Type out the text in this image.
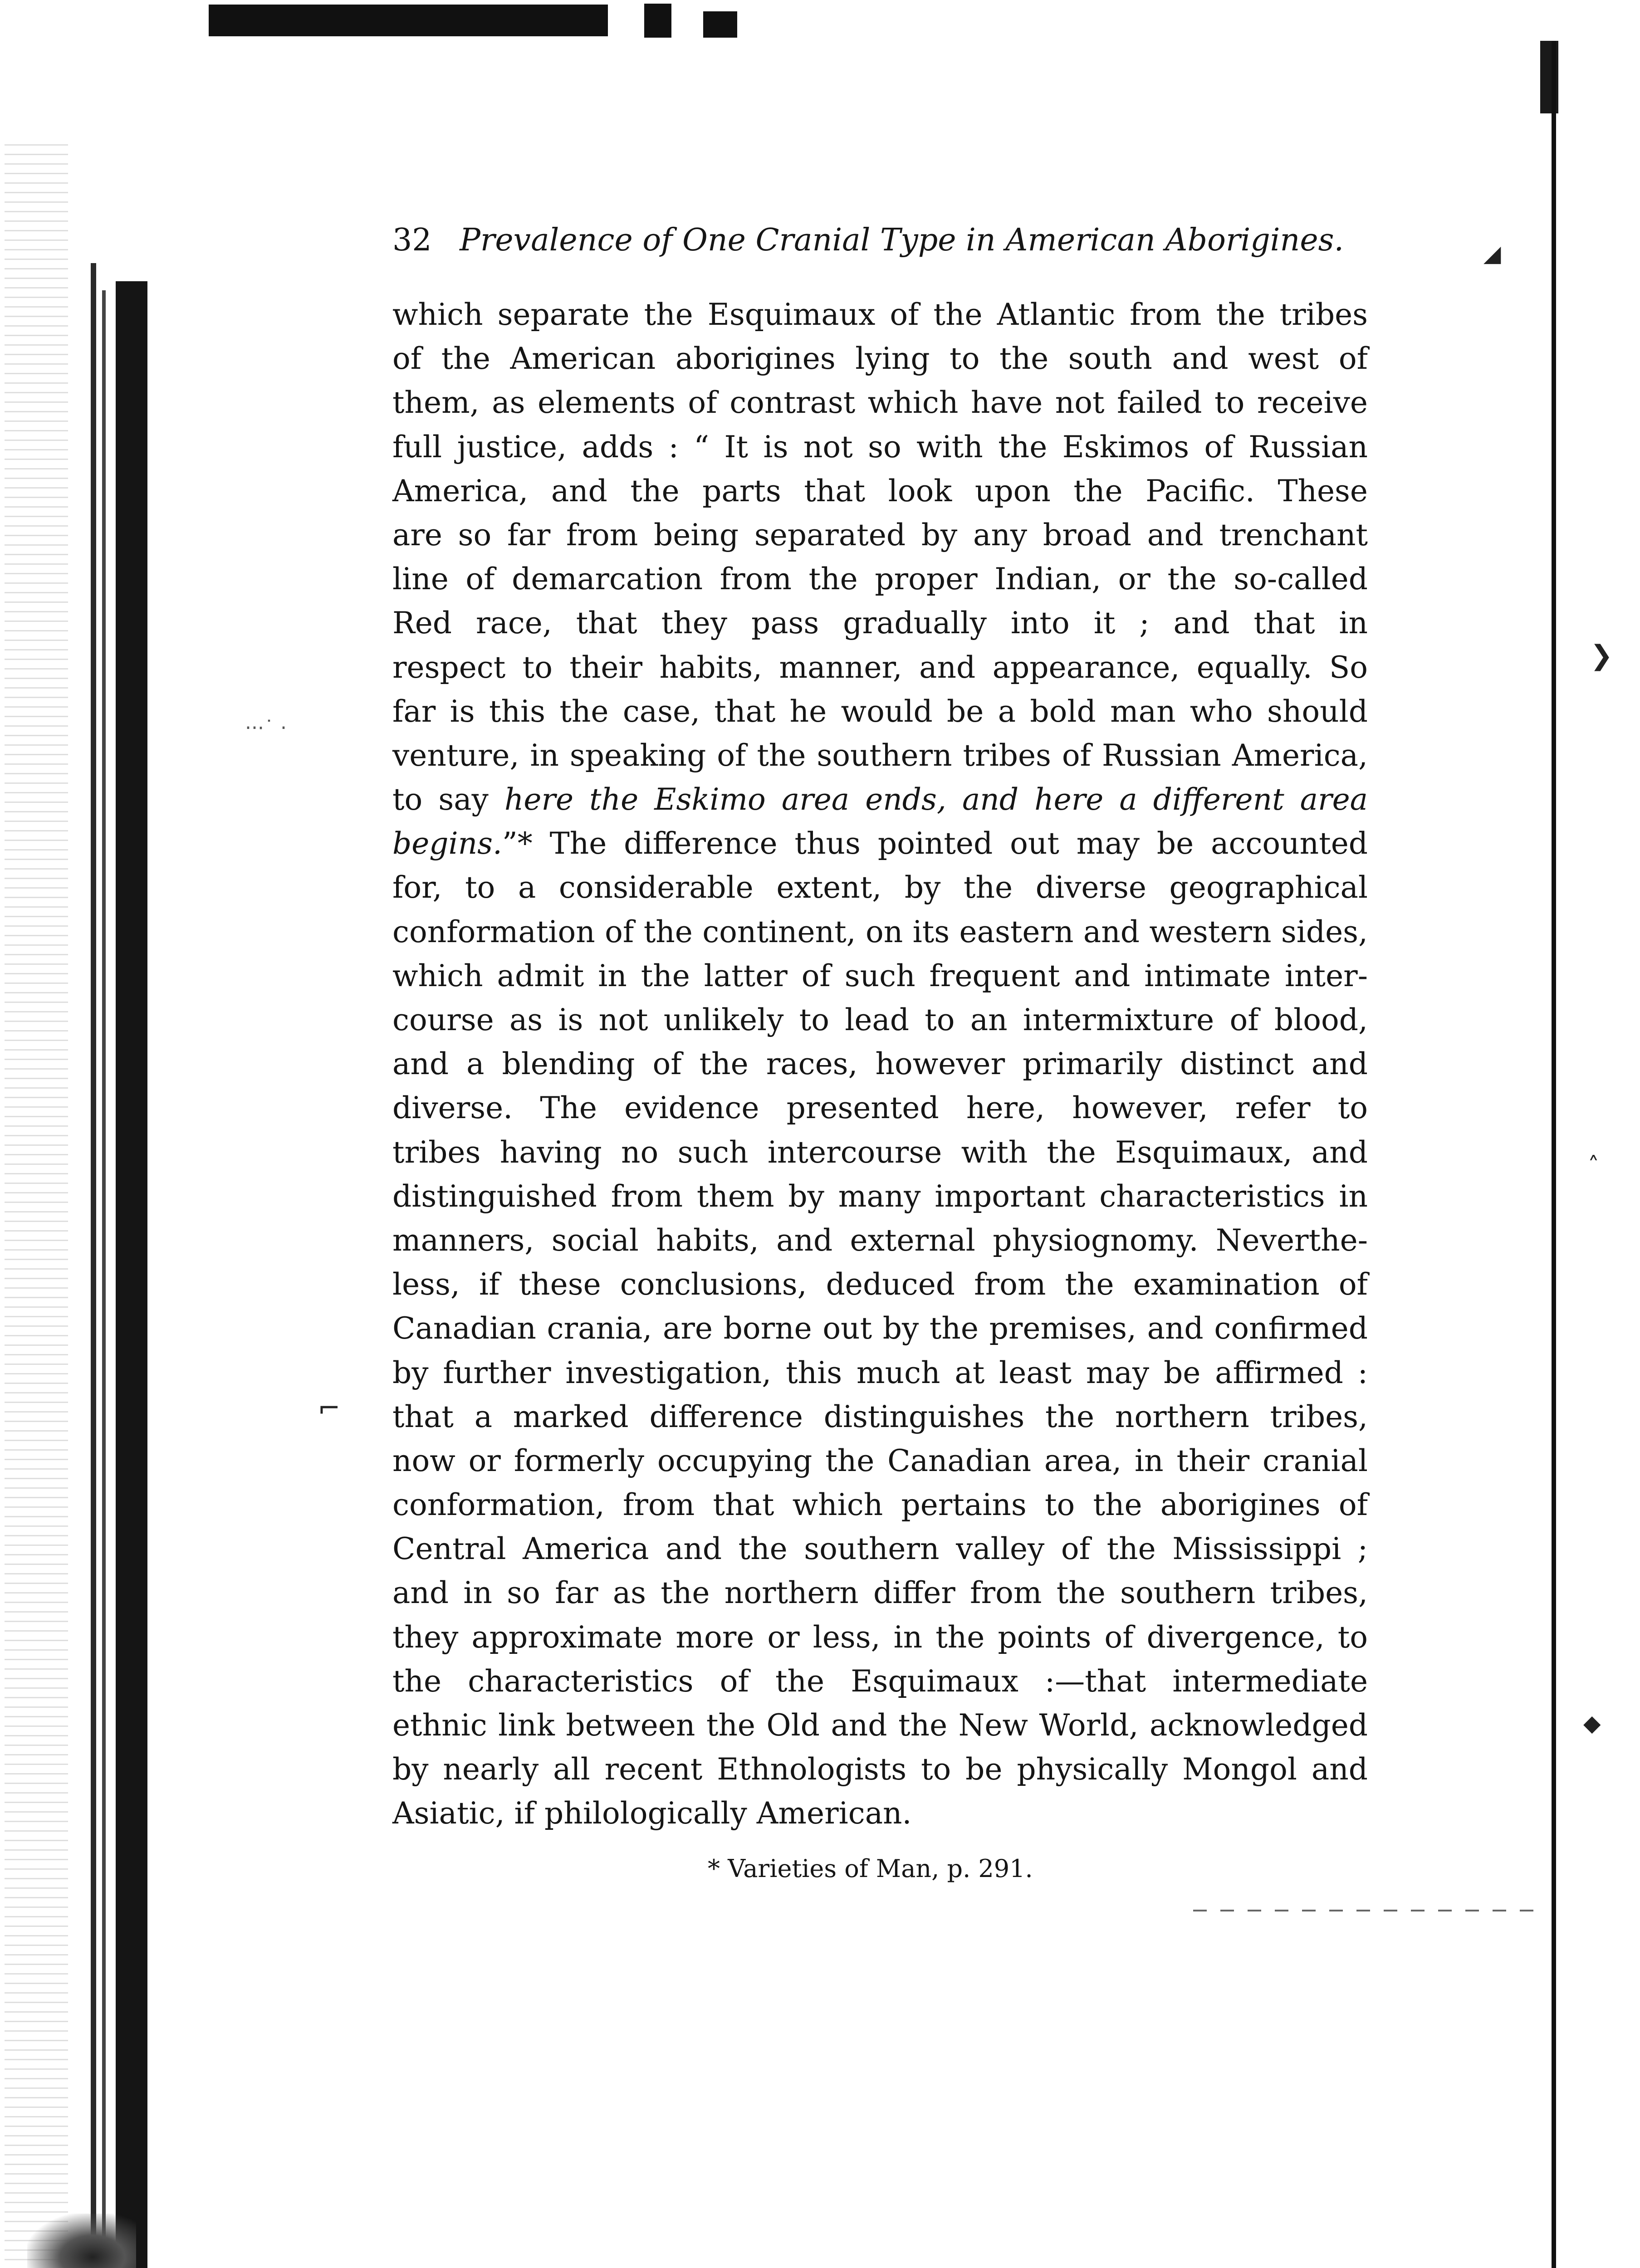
◢
❯
˄
◆
⌐
‧‧·˙ ‧
32 Prevalence of One Cranial Type in American Aborigines.
which separate the Esquimaux of the Atlantic from the tribes
of the American aborigines lying to the south and west of
them, as elements of contrast which have not failed to receive
full justice, adds : “ It is not so with the Eskimos of Russian
America, and the parts that look upon the Pacific. These
are so far from being separated by any broad and trenchant
line of demarcation from the proper Indian, or the so-called
Red race, that they pass gradually into it ; and that in
respect to their habits, manner, and appearance, equally. So
far is this the case, that he would be a bold man who should
venture, in speaking of the southern tribes of Russian America,
to say here the Eskimo area ends, and here a different area
begins.”* The difference thus pointed out may be accounted
for, to a considerable extent, by the diverse geographical
conformation of the continent, on its eastern and western sides,
which admit in the latter of such frequent and intimate inter-
course as is not unlikely to lead to an intermixture of blood,
and a blending of the races, however primarily distinct and
diverse. The evidence presented here, however, refer to
tribes having no such intercourse with the Esquimaux, and
distinguished from them by many important characteristics in
manners, social habits, and external physiognomy. Neverthe-
less, if these conclusions, deduced from the examination of
Canadian crania, are borne out by the premises, and confirmed
by further investigation, this much at least may be affirmed :
that a marked difference distinguishes the northern tribes,
now or formerly occupying the Canadian area, in their cranial
conformation, from that which pertains to the aborigines of
Central America and the southern valley of the Mississippi ;
and in so far as the northern differ from the southern tribes,
they approximate more or less, in the points of divergence, to
the characteristics of the Esquimaux :—that intermediate
ethnic link between the Old and the New World, acknowledged
by nearly all recent Ethnologists to be physically Mongol and
Asiatic, if philologically American.
* Varieties of Man, p. 291.
